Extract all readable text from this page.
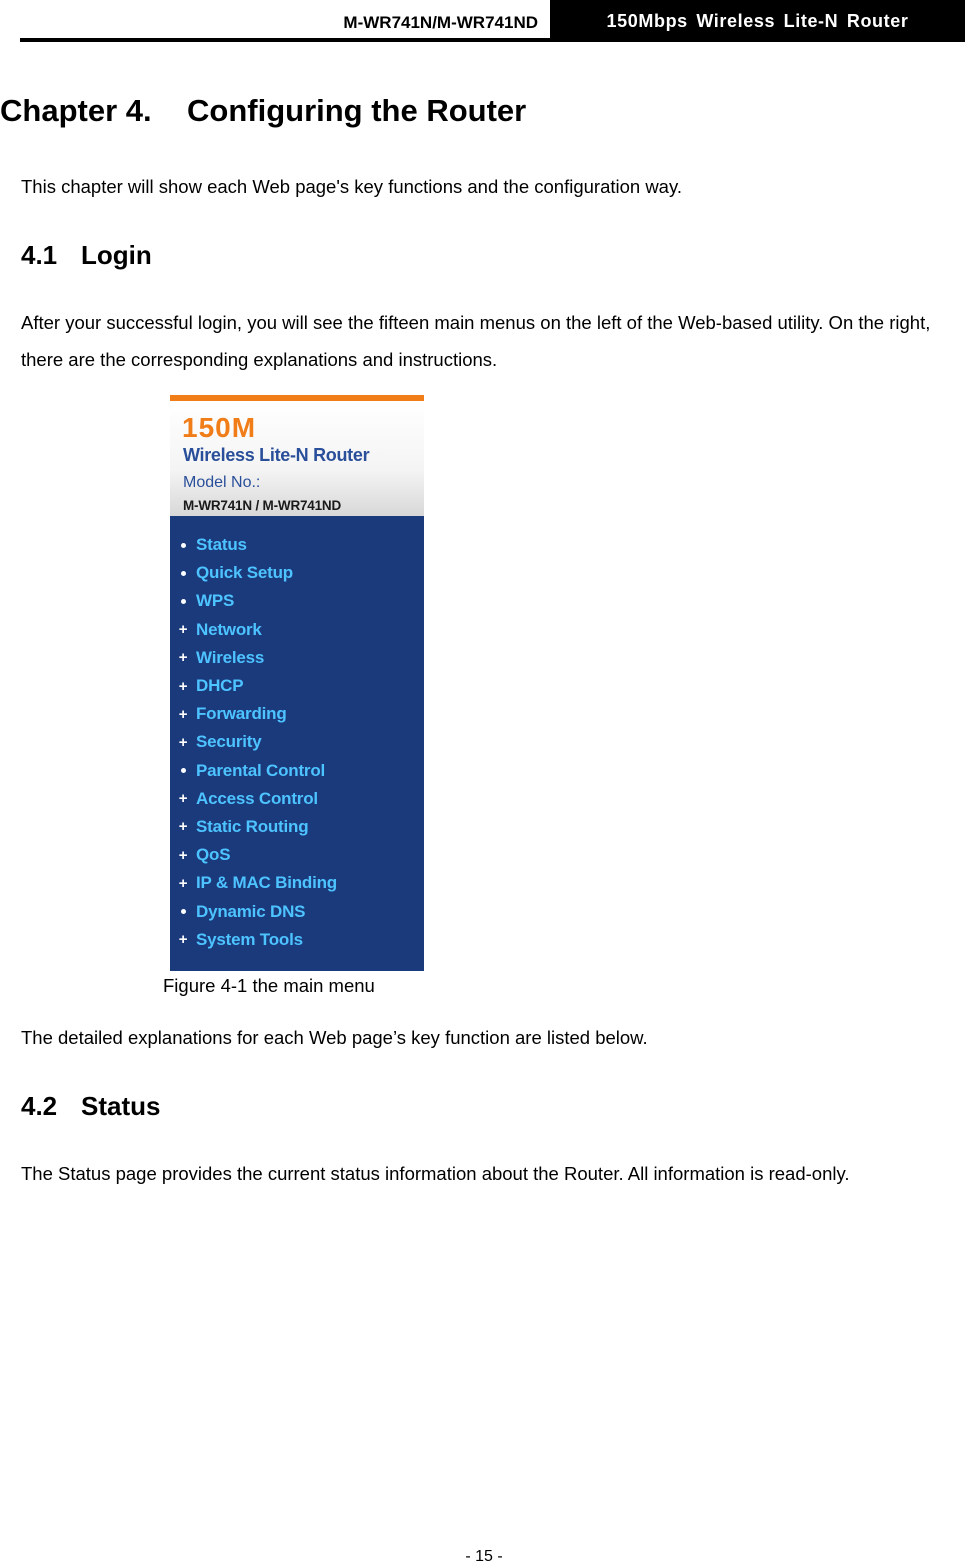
M-WR741N/M-WR741ND	150Mbps Wireless Lite-N Router
Chapter 4. Configuring the Router

This chapter will show each Web page's key functions and the configuration way.

4.1 Login

After your successful login, you will see the fifteen main menus on the left of the Web-based utility. On the right, there are the corresponding explanations and instructions.

150M
Wireless Lite-N Router
Model No.:
M-WR741N / M-WR741ND
Status
Quick Setup
WPS
+ Network
+ Wireless
+ DHCP
+ Forwarding
+ Security
Parental Control
+ Access Control
+ Static Routing
+ QoS
+ IP & MAC Binding
Dynamic DNS
+ System Tools
Figure 4-1 the main menu

The detailed explanations for each Web page’s key function are listed below.

4.2 Status

The Status page provides the current status information about the Router. All information is read-only.

- 15 -
